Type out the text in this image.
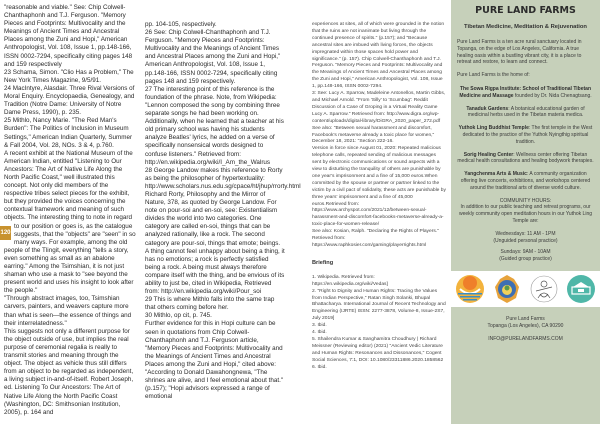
120

"reasonable and viable." See: Chip Colwell-Chanthaphonh and T.J. Ferguson. "Memory Pieces and Footprints: Multivocality and the Meanings of Ancient Times and Ancestral Places among the Zuni and Hopi," American Anthropologist, Vol. 108, Issue 1, pp.148-166, ISSN 0002-7294, specifically citing pages 148 and 159 respectively

23 Schama, Simon. "Clio Has a Problem," The New York Times Magazine, 9/5/91.

24 MacIntyre, Alasdair. Three Rival Versions of Moral Enquiry. Encyclopaedia, Genealogy, and Tradition (Notre Dame: University of Notre Dame Press, 1990), p. 235.

25 Mithlo, Nancy Marie. "The Red Man's Burden": The Politics of Inclusion in Museum Settings," American Indian Quarterly, Summer & Fall 2004, Vol. 28, NOs. 3 & 4, p.760.

A recent exhibit at the National Museum of the American Indian, entitled "Listening to Our Ancestors: The Art of Native Life Along the North Pacific Coast," well illustrated this concept. Not only did members of the respective tribes select pieces for the exhibit, but they provided the voices concerning the contextual framework and meaning of such objects. The interesting thing to note in regard to our position or goes is, as the catalogue suggests, that the "objects" are "seen" in so many ways. For example, among the old people of the Tlingit, everything "tells a story, even something as small as an abalone earring." Among the Tsimshian, it is not just shaman who use a mask to "see beyond the present world and uses his insight to look after the people."

"Through abstract images, too, Tsimshian carvers, painters, and weavers capture more than what is seen—the essence of things and their interrelatedness."

This suggests not only a different purpose for the object outside of use, but implies the real purpose of ceremonial regalia is really to transmit stories and meaning through the object. The object as vehicle thus still differs from an object to be regarded as independent, a living subject in-and-of-itself. Robert Joseph, ed. Listening To Our Ancestors: The Art of Native Life Along the North Pacific Coast (Washington, DC: Smithsonian Institution, 2005), p. 164 and

pp. 104-105, respectively.

26 See: Chip Colwell-Chanthaphonh and T.J. Ferguson. "Memory Pieces and Footprints: Multivocality and the Meanings of Ancient Times and Ancestral Places among the Zuni and Hopi," American Anthropologist, Vol. 108, Issue 1, pp.148-166, ISSN 0002-7294, specifically citing pages 148 and 159 respectively.

27 The interesting point of this reference is the foundation of the phrase. Note, from Wikipedia: "Lennon composed the song by combining three separate songs he had been working on. Additionally, when he learned that a teacher at his old primary school was having his students analyze Beatles' lyrics, he added on a verse of specifically nonsensical words designed to confuse listeners." Retrieved from: http://en.wikipedia.org/wiki/I_Am_the_Walrus

28 George Landow makes this reference to Rorty as being the philosopher of hypertextuality: http://www.scholars.nus.edu.sg/cpace/ht/jhup/rrorty.html Richard Rorty, Philosophy and the Mirror of Nature, 378, as quoted by George Landow. For note on pour-soi and en-soi, see: Existentialism divides the world into two categories. One category are called en-soi, things that can be analyzed rationally, like a rock. The second category are pour-soi, things that emote; beings. A thing cannot feel unhappy about being a thing, it has no emotions; a rock is perfectly satisfied being a rock. A being must always therefore compare itself with the thing, and be envious of its ability to just be, cited in Wikipedia, Retrieved from: http://en.wikipedia.org/wiki/Pour_soi

29 This is where Mithlo falls into the same trap that others coming before her.

30 Mithlo, op cit, p. 745.

Further evidence for this in Hopi culture can be seen in quotations from Chip Colwell-Chanthaphonh and T.J. Ferguson article, "Memory Pieces and Footprints: Multivocality and the Meanings of Ancient Times and Ancestral Places among the Zuni and Hopi," cited above: "According to Donald Dawahongnewa, "The shrines are alive, and I feel emotional about that." (p.157); "Hopi advisors expressed a range of emotional

experiences at sites, all of which were grounded in the notion that the ruins are not inanimate but living through the continued presence of spirits." (p.157); and "Because ancestral sites are imbued with living forces, the objects impregnated within those spaces hold power and significance." (p. 157). Chip Colwell-Chanthaphonh and T.J. Ferguson. "Memory Pieces and Footprints: Multivocality and the Meanings of Ancient Times and Ancestral Places among the Zuni and Hopi," American Anthropologist, Vol. 108, Issue 1, pp.148-166, ISSN 0002-7294.

3: See: Lucy A. Sparrow, Madeleine Antonellos, Martin Gibbs, and Michael Arnold. "From 'Silly' to 'Scumbag': Reddit Discussion of a Case of Groping in a Virtual Reality Game Lucy A. Sparrow." Retrieved from: http://www.digra.org/wp-content/uploads/digital-library/DiGRA_2020_paper_272.pdf

See also: "Between sexual harassment and discomfort, Facebook's metaverse already a toxic place for women," December 18, 2021: "Section 222-16.

Version in force since August 01, 2020: Repeated malicious telephone calls, repeated sending of malicious messages sent by electronic communications or sound aspects with a view to disturbing the tranquility of others are punishable by one year's imprisonment and a fine of 15,000 euros.When committed by the spouse or partner or partner linked to the victim by a civil pact of solidarity, these acts are punishable by three years' imprisonment and a fine of 45,000 euros.Retrieved from: https://www.archyspot.com/2021/12/between-sexual-harassment-and-discomfort-facebooks-metaverse-already-a-toxic-place-for-women-release/

See also: Kosian, Ralph. "Declaring the Rights of Players."

Retrieved from: https://www.raphkosier.com/gaming/playerrights.html

Briefing

1. Wikipedia. Retrieved from: https://en.wikipedia.org/wiki/Vedas]

2. "Right to Dignity and Human Rights: Tracing the Values from Indian Perspective," Ratan Singh Solanki, Bhupal Bhattacharya. International Journal of Recent Technology and Engineering (IJRTE) ISSN: 2277-3878, Volume-8, Issue-2S7, July 2019]

3. Ibid.

4. Ibid.

5. Shailendra Kumar & Sanghamitra Choudhury | Richard Meissner (Reviewing editor) (2021) "Ancient Vedic Literature and Human Rights: Resonances and Dissonances," Cogent Social Sciences, 7:1, DOI: 10.1080/23311886.2020.1858562

6. Ibid.

PURE LAND FARMS
Tibetan Medicine, Meditation & Rejuvenation

Pure Land Farms is a ten acre rural sanctuary located in Topanga, on the edge of Los Angeles, California. A true healing oasis within a bustling vibrant city, it is a place to retreat and restore, to learn and connect.

Pure Land Farms is the home of:

The Sowa Rigpa Institute: School of Traditional Tibetan Medicine and Massage founded by Dr. Nida Chenagtsang.

Tanaduk Gardens: A botanical educational garden of medicinal herbs used in the Tibetan materia medica.

Yuthok Ling Buddhist Temple: The first temple in the West dedicated to the practice of the Yuthok Nyingthig spiritual tradition.

Sorig Healing Center: Wellness center offering Tibetan medical health consultations and healing bodywork therapies.

Yangchenma Arts & Music: A community organization offering live concerts, exhibitions, and workshops centered around the traditional arts of diverse world culture.

COMMUNITY HOURS:

In addition to our public teaching and retreat programs, our weekly community open meditation hours in our Yuthok Ling Temple are:

Wednesdays: 11 AM - 1PM

(Unguided personal practice)

Sundays: 9AM - 10AM

(Guided group practice)

Pure Land Farms

Topanga (Los Angeles), CA 90290

INFO@PURELANDFARMS.COM
